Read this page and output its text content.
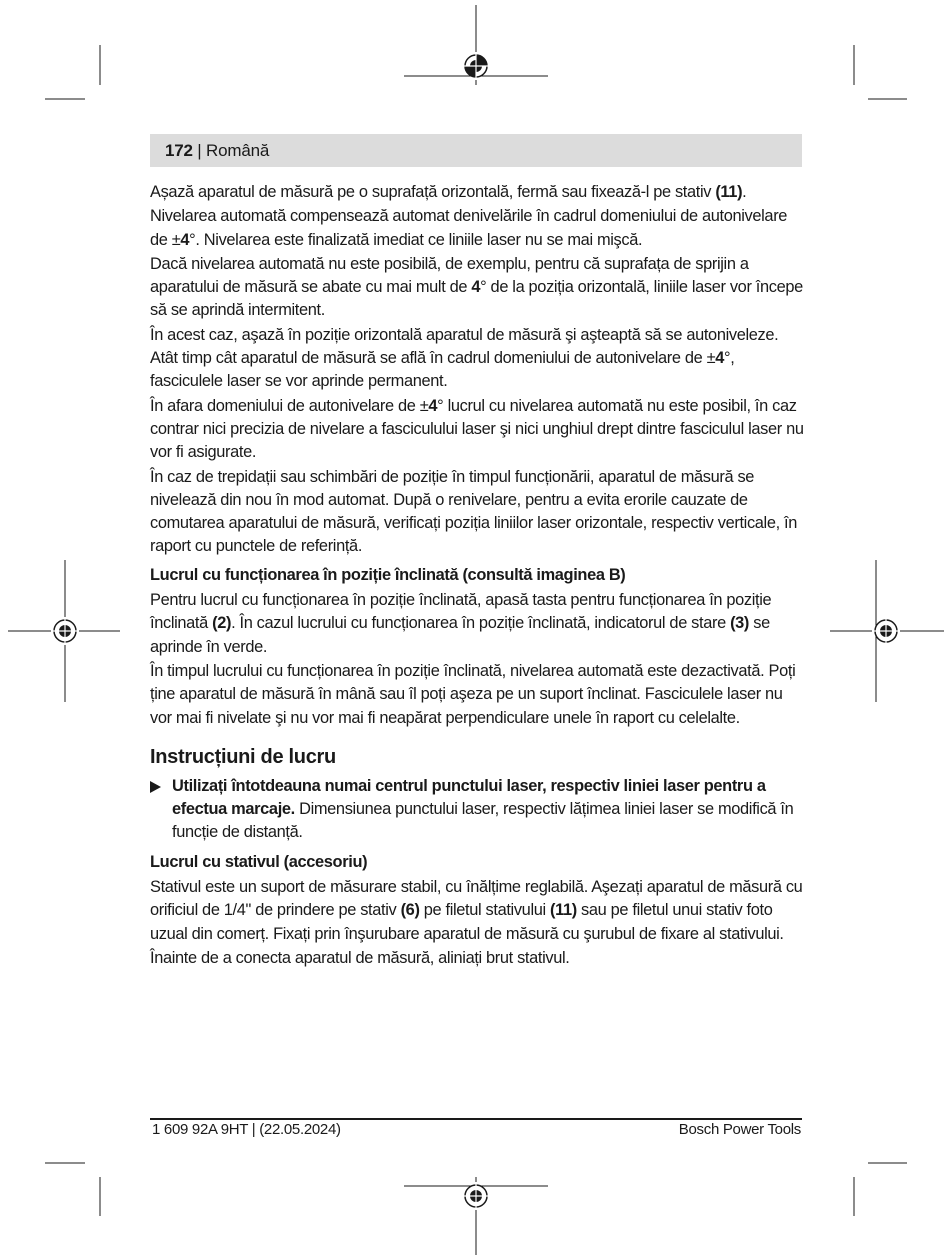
172 | Română

Așază aparatul de măsură pe o suprafață orizontală, fermă sau fixează-l pe stativ (11).

Nivelarea automată compensează automat denivelările în cadrul domeniului de autonivelare de ±4°. Nivelarea este finalizată imediat ce liniile laser nu se mai mişcă.

Dacă nivelarea automată nu este posibilă, de exemplu, pentru că suprafața de sprijin a aparatului de măsură se abate cu mai mult de 4° de la poziția orizontală, liniile laser vor începe să se aprindă intermitent.

În acest caz, aşază în poziție orizontală aparatul de măsură şi aşteaptă să se autoniveleze. Atât timp cât aparatul de măsură se află în cadrul domeniului de autonivelare de ±4°, fasciculele laser se vor aprinde permanent.

În afara domeniului de autonivelare de ±4° lucrul cu nivelarea automată nu este posibil, în caz contrar nici precizia de nivelare a fasciculului laser şi nici unghiul drept dintre fasciculul laser nu vor fi asigurate.

În caz de trepidații sau schimbări de poziție în timpul funcționării, aparatul de măsură se nivelează din nou în mod automat. După o renivelare, pentru a evita erorile cauzate de comutarea aparatului de măsură, verificați poziția liniilor laser orizontale, respectiv verticale, în raport cu punctele de referință.

Lucrul cu funcționarea în poziție înclinată (consultă imaginea B)

Pentru lucrul cu funcționarea în poziție înclinată, apasă tasta pentru funcționarea în poziție înclinată (2). În cazul lucrului cu funcționarea în poziție înclinată, indicatorul de stare (3) se aprinde în verde.

În timpul lucrului cu funcționarea în poziție înclinată, nivelarea automată este dezactivată. Poți ține aparatul de măsură în mână sau îl poți aşeza pe un suport înclinat. Fasciculele laser nu vor mai fi nivelate şi nu vor mai fi neapărat perpendiculare unele în raport cu celelalte.

Instrucțiuni de lucru
Utilizați întotdeauna numai centrul punctului laser, respectiv liniei laser pentru a efectua marcaje. Dimensiunea punctului laser, respectiv lățimea liniei laser se modifică în funcție de distanță.
Lucrul cu stativul (accesoriu)

Stativul este un suport de măsurare stabil, cu înălțime reglabilă. Aşezați aparatul de măsură cu orificiul de 1/4" de prindere pe stativ (6) pe filetul stativului (11) sau pe filetul unui stativ foto uzual din comerț. Fixați prin înşurubare aparatul de măsură cu şurubul de fixare al stativului.

Înainte de a conecta aparatul de măsură, aliniați brut stativul.

1 609 92A 9HT | (22.05.2024)	Bosch Power Tools
